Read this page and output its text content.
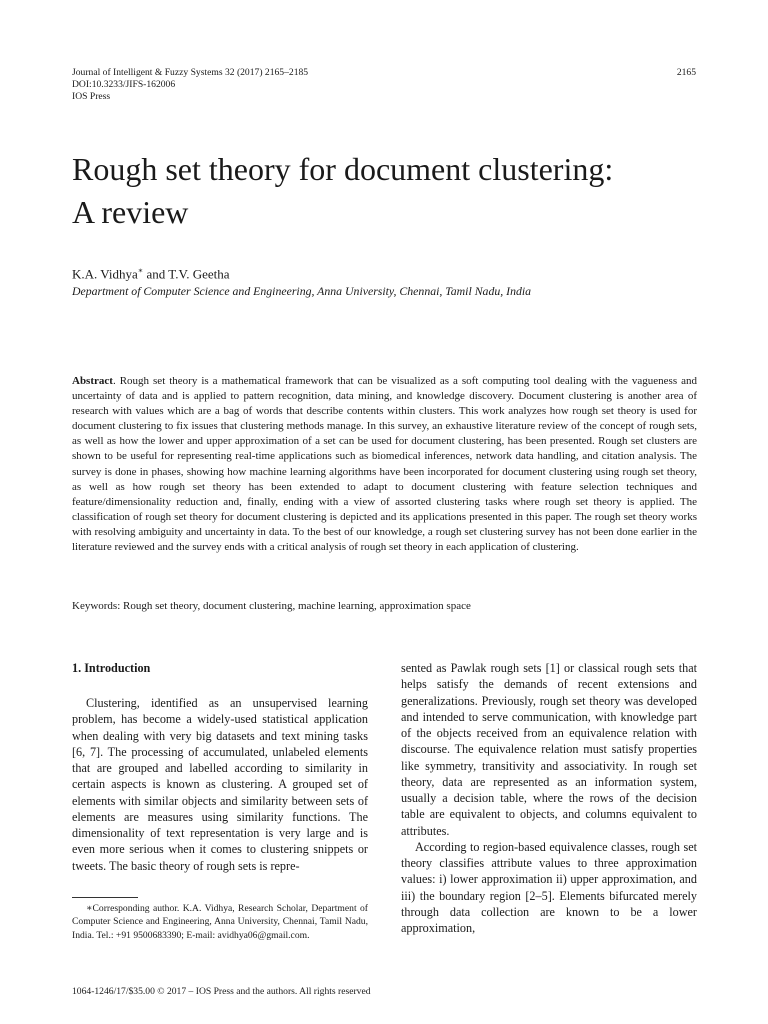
Journal of Intelligent & Fuzzy Systems 32 (2017) 2165–2185
DOI:10.3233/JIFS-162006
IOS Press
2165
Rough set theory for document clustering:
A review
K.A. Vidhya∗ and T.V. Geetha
Department of Computer Science and Engineering, Anna University, Chennai, Tamil Nadu, India

Abstract. Rough set theory is a mathematical framework that can be visualized as a soft computing tool dealing with the vagueness and uncertainty of data and is applied to pattern recognition, data mining, and knowledge discovery. Document clustering is another area of research with values which are a bag of words that describe contents within clusters. This work analyzes how rough set theory is used for document clustering to fix issues that clustering methods manage. In this survey, an exhaustive literature review of the concept of rough sets, as well as how the lower and upper approximation of a set can be used for document clustering, has been presented. Rough set clusters are shown to be useful for representing real-time applications such as biomedical inferences, network data handling, and citation analysis. The survey is done in phases, showing how machine learning algorithms have been incorporated for document clustering using rough set theory, as well as how rough set theory has been extended to adapt to document clustering with feature selection techniques and feature/dimensionality reduction and, finally, ending with a view of assorted clustering tasks where rough set theory is applied. The classification of rough set theory for document clustering is depicted and its applications presented in this paper. The rough set theory works with resolving ambiguity and uncertainty in data. To the best of our knowledge, a rough set clustering survey has not been done earlier in the literature reviewed and the survey ends with a critical analysis of rough set theory in each application of clustering.

Keywords: Rough set theory, document clustering, machine learning, approximation space
1. Introduction

Clustering, identified as an unsupervised learning problem, has become a widely-used statistical application when dealing with very big datasets and text mining tasks [6, 7]. The processing of accumulated, unlabeled elements that are grouped and labelled according to similarity in certain aspects is known as clustering. A grouped set of elements with similar objects and similarity between sets of elements are measures using similarity functions. The dimensionality of text representation is very large and is even more serious when it comes to clustering snippets or tweets. The basic theory of rough sets is repre-

sented as Pawlak rough sets [1] or classical rough sets that helps satisfy the demands of recent extensions and generalizations. Previously, rough set theory was developed and intended to serve communication, with knowledge part of the objects received from an equivalence relation with discourse. The equivalence relation must satisfy properties like symmetry, transitivity and associativity. In rough set theory, data are represented as an information system, usually a decision table, where the rows of the decision table are equivalent to objects, and columns equivalent to attributes.

According to region-based equivalence classes, rough set theory classifies attribute values to three approximation values: i) lower approximation ii) upper approximation, and iii) the boundary region [2–5]. Elements bifurcated merely through data collection are known to be a lower approximation,

∗Corresponding author. K.A. Vidhya, Research Scholar, Department of Computer Science and Engineering, Anna University, Chennai, Tamil Nadu, India. Tel.: +91 9500683390; E-mail: avidhya06@gmail.com.
1064-1246/17/$35.00 © 2017 – IOS Press and the authors. All rights reserved
